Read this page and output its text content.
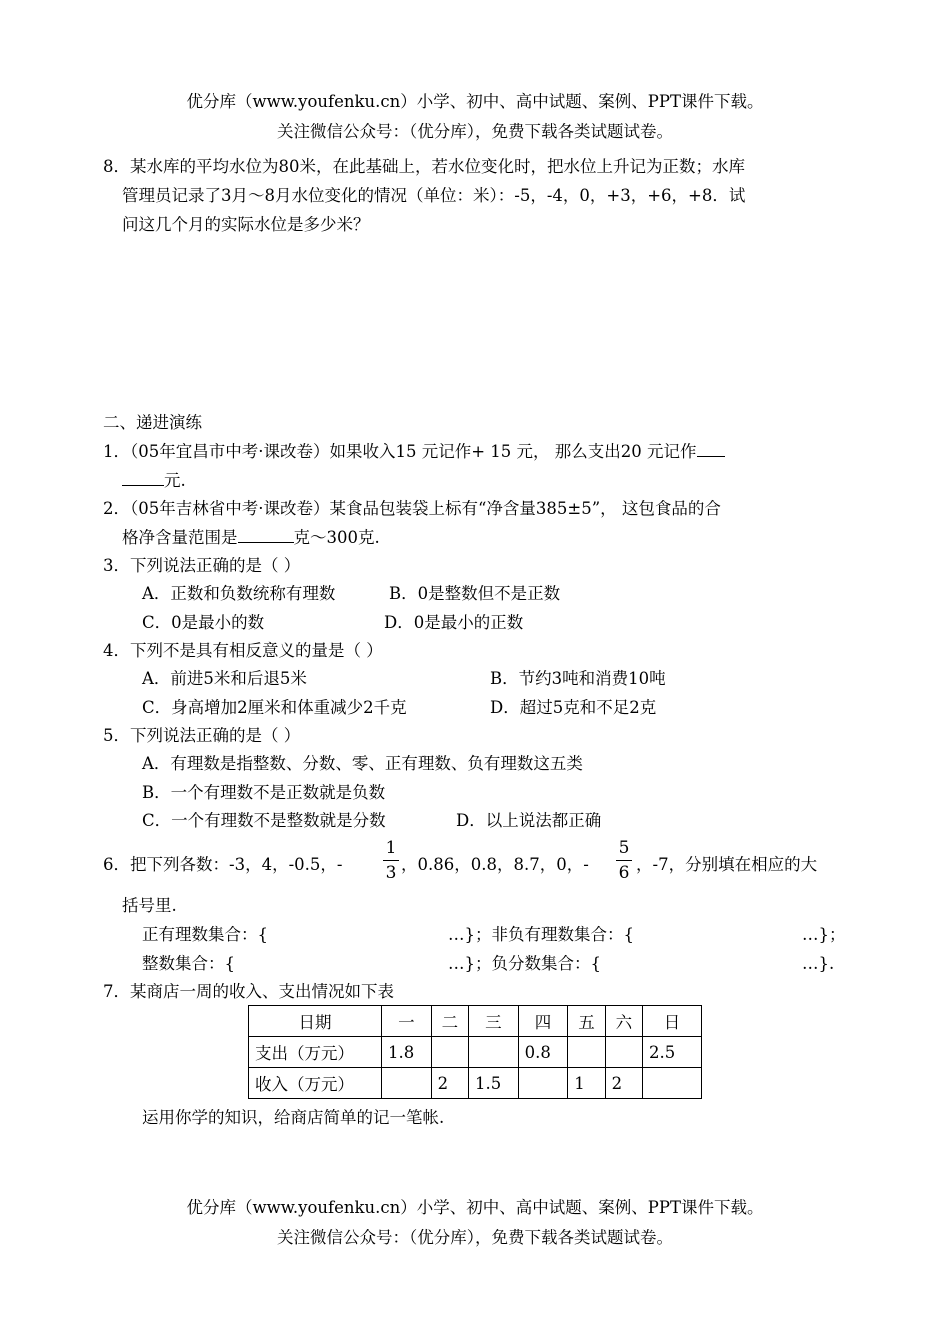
优分库（www.youfenku.cn）小学、初中、高中试题、案例、PPT课件下载。
关注微信公众号：（优分库），免费下载各类试题试卷。
8．某水库的平均水位为80米，在此基础上，若水位变化时，把水位上升记为正数；水库
管理员记录了3月～8月水位变化的情况（单位：米）：-5，-4，0，+3，+6，+8．试
问这几个月的实际水位是多少米？
二、递进演练
1．（05年宜昌市中考·课改卷）如果收入15 元记作+ 15 元， 那么支出20 元记作
元.
2．（05年吉林省中考·课改卷）某食品包装袋上标有“净含量385±5”， 这包食品的合
格净含量范围是	克～300克.
3．下列说法正确的是（ ）
A．正数和负数统称有理数	B．0是整数但不是正数
C．0是最小的数	D．0是最小的正数
4．下列不是具有相反意义的量是（ ）
A．前进5米和后退5米	B．节约3吨和消费10吨
C．身高增加2厘米和体重减少2千克	D．超过5克和不足2克
5．下列说法正确的是（ ）
A．有理数是指整数、分数、零、正有理数、负有理数这五类
B．一个有理数不是正数就是负数
C．一个有理数不是整数就是分数	D．以上说法都正确
6．把下列各数：-3，4，-0.5，-
1
3 ，0.86，0.8，8.7，0，-
5
6 ，-7，分别填在相应的大
括号里.
正有理数集合：{	…}；非负有理数集合：{	…}；
整数集合：{	…}；负分数集合：{	…}.
7．某商店一周的收入、支出情况如下表
日期	一	二	三	四	五	六	日
支出（万元）	1.8			0.8			2.5
收入（万元）		2	1.5		1	2	
运用你学的知识，给商店简单的记一笔帐.
优分库（www.youfenku.cn）小学、初中、高中试题、案例、PPT课件下载。
关注微信公众号：（优分库），免费下载各类试题试卷。
